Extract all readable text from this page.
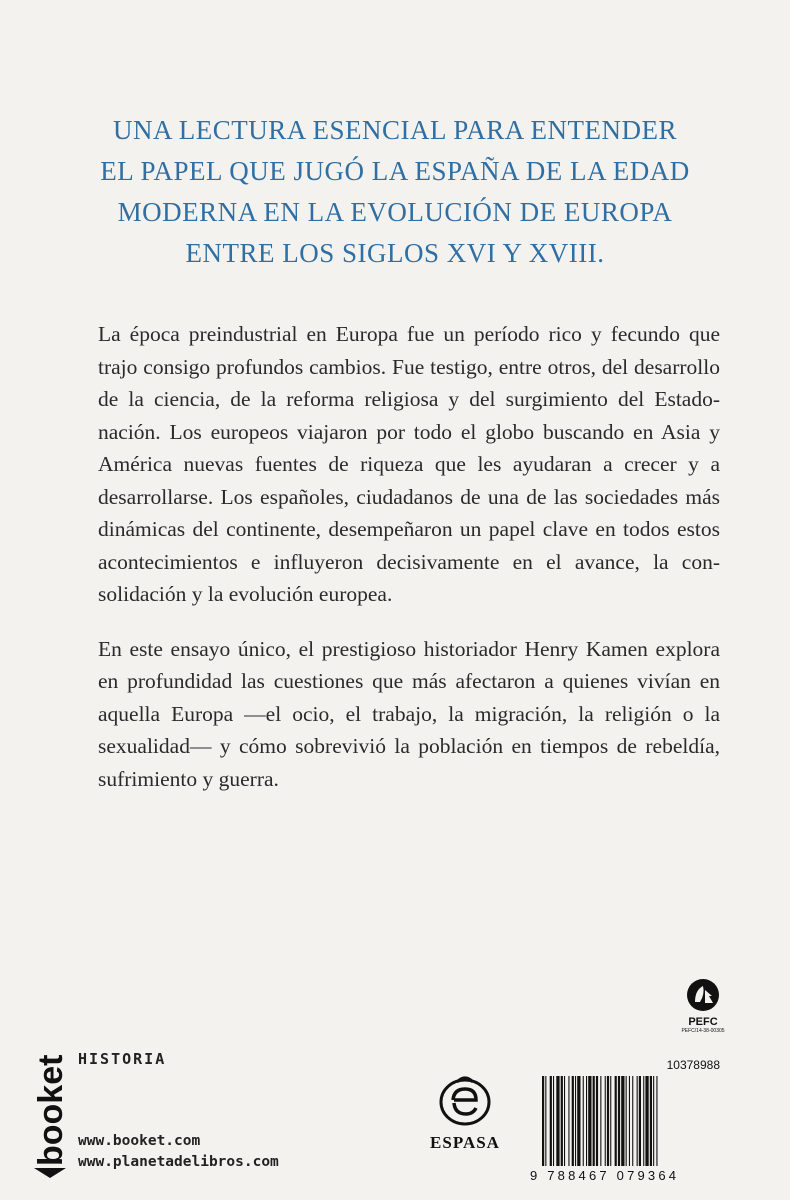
UNA LECTURA ESENCIAL PARA ENTENDER
EL PAPEL QUE JUGÓ LA ESPAÑA DE LA EDAD
MODERNA EN LA EVOLUCIÓN DE EUROPA
ENTRE LOS SIGLOS XVI Y XVIII.

La época preindustrial en Europa fue un período rico y fecundo que trajo consigo profundos cambios. Fue testigo, entre otros, del desarrollo de la ciencia, de la reforma religiosa y del surgimiento del Estado-nación. Los europeos viajaron por todo el globo buscando en Asia y América nuevas fuentes de riqueza que les ayudaran a crecer y a desarrollarse. Los españoles, ciudadanos de una de las sociedades más dinámicas del continente, desempeñaron un papel clave en todos estos acontecimientos e influyeron decisivamente en el avance, la consolidación y la evolución europea.

En este ensayo único, el prestigioso historiador Henry Kamen explora en profundidad las cuestiones que más afectaron a quienes vivían en aquella Europa —el ocio, el trabajo, la migración, la religión o la sexualidad— y cómo sobrevivió la población en tiempos de rebeldía, sufrimiento y guerra.

booket HISTORIA
www.booket.com
www.planetadelibros.com
ESPASA
PEFC
PEFC/14-38-00305
10378988
9 788467 079364
